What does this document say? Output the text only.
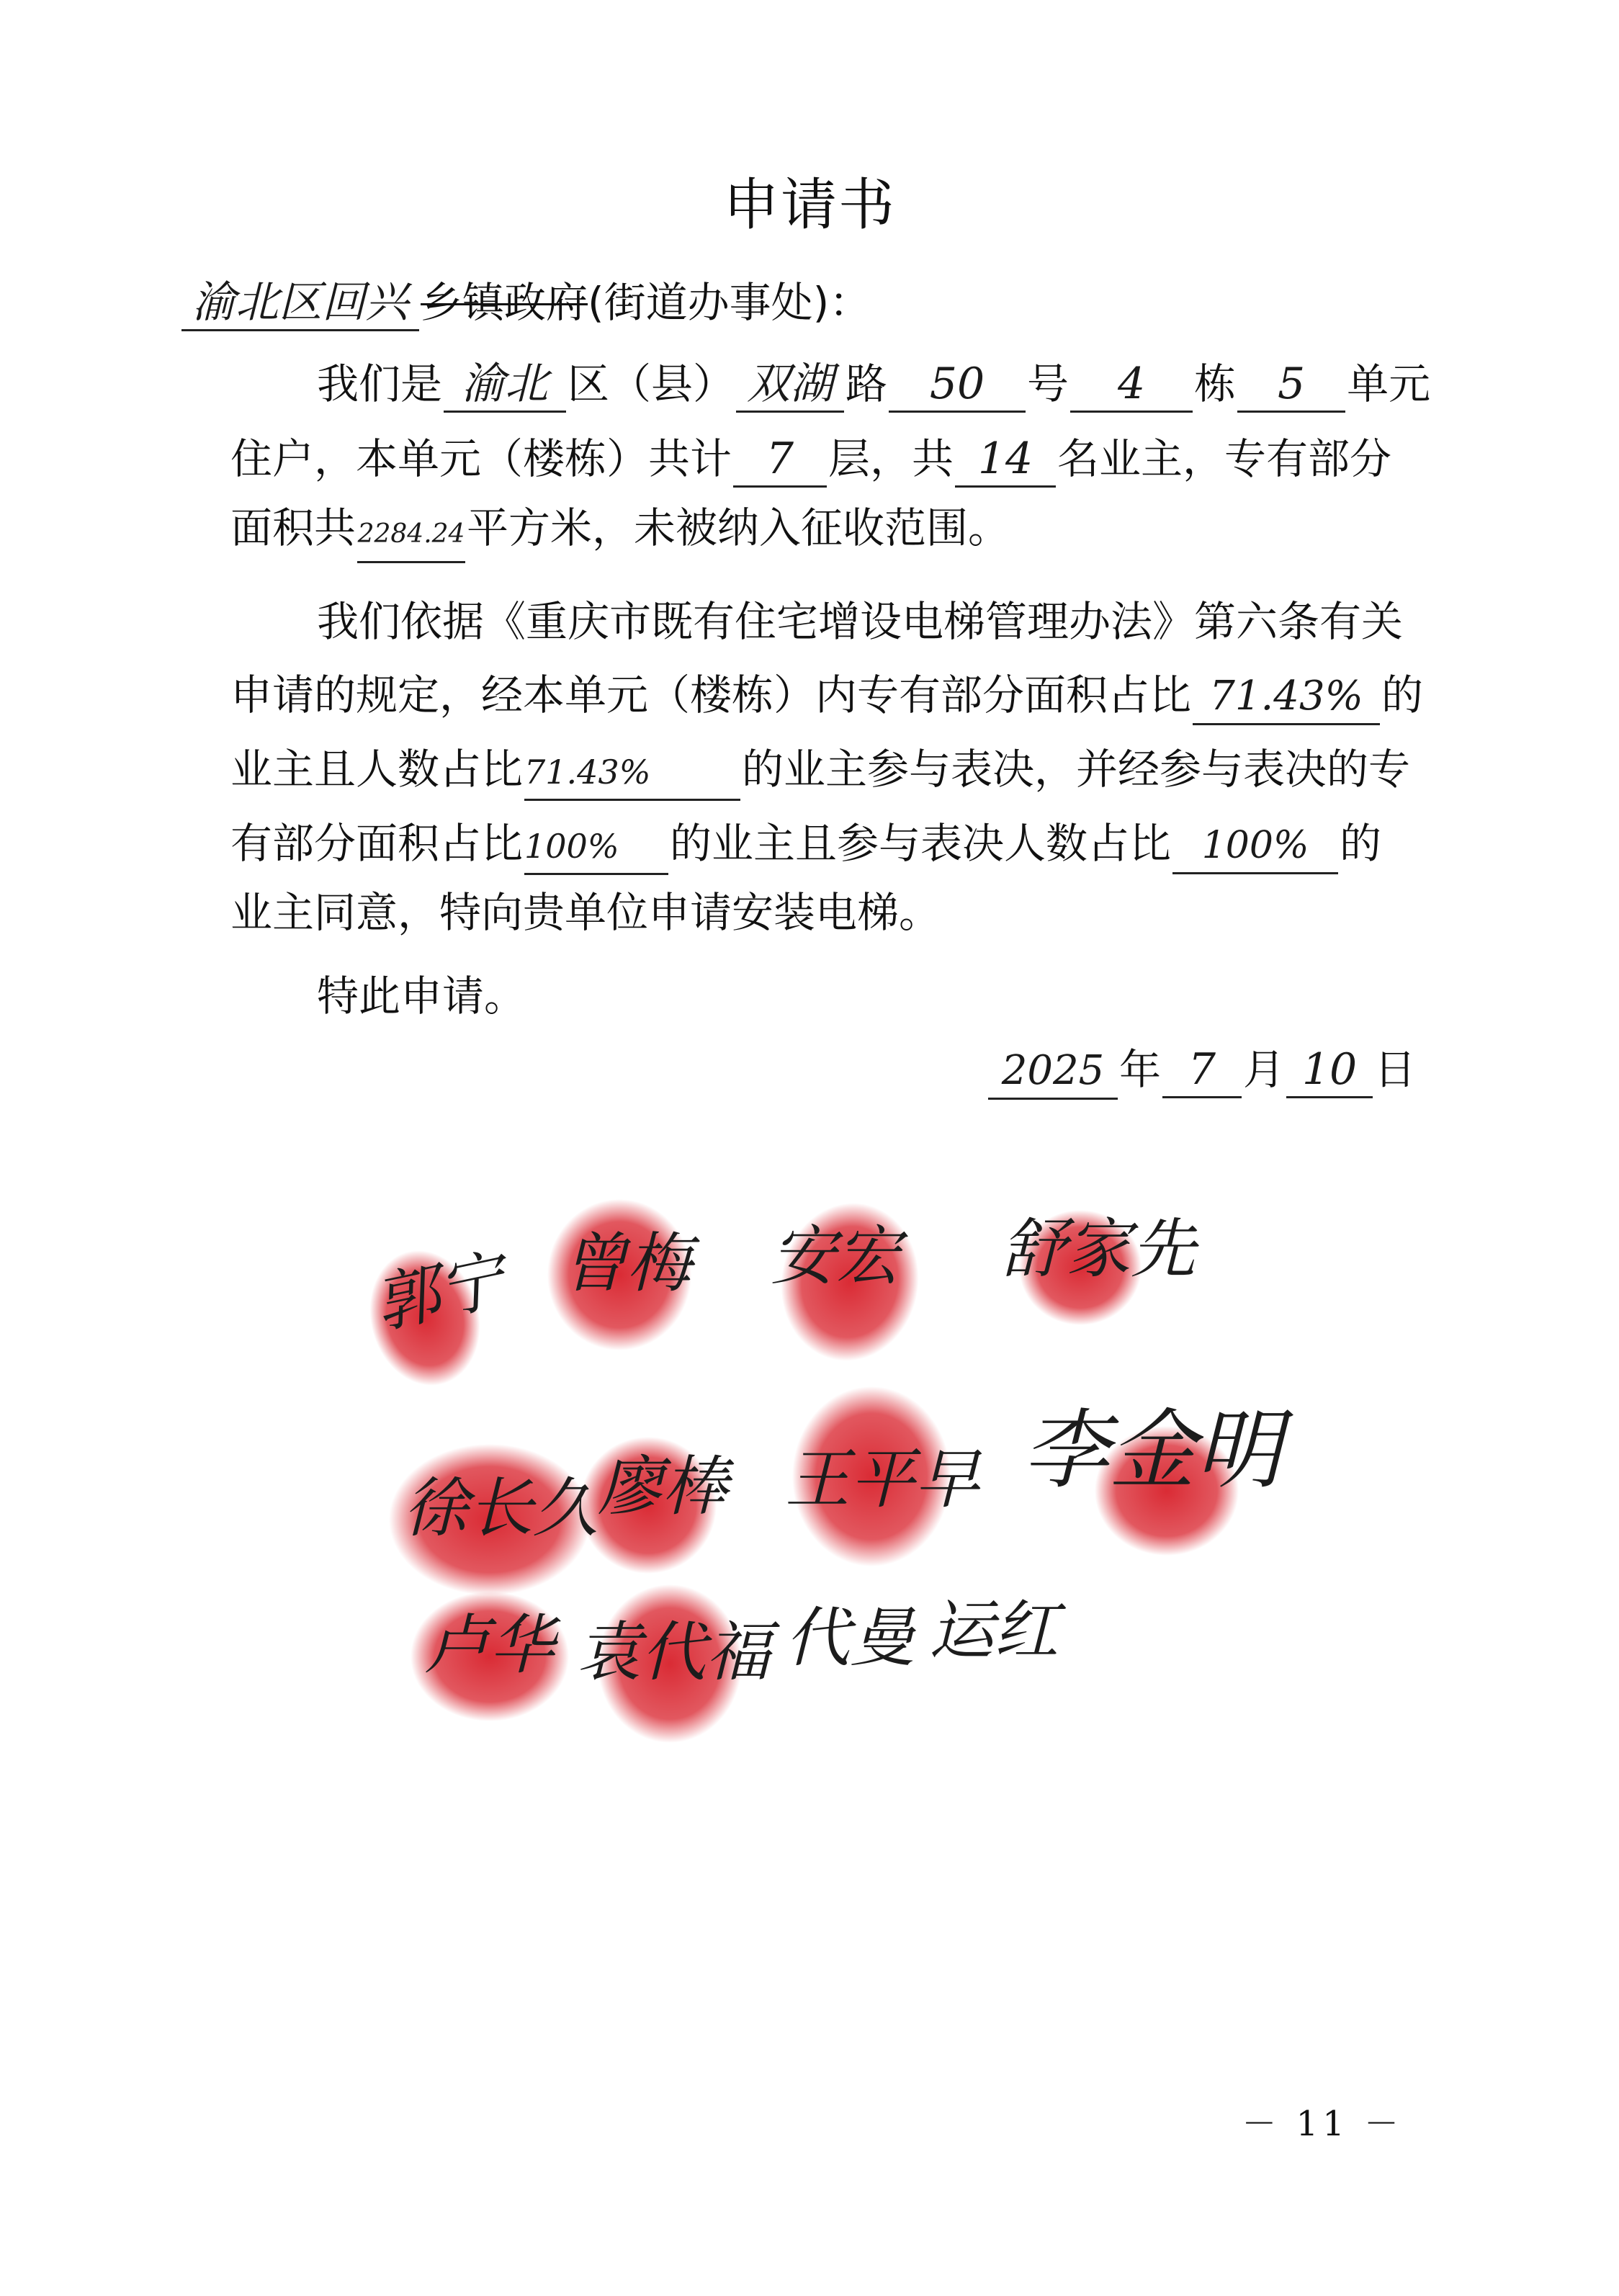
申请书
渝北区回兴 乡镇政府(街道办事处)：
我们是 渝北 区（县） 双湖 路 50 号 4 栋 5 单元
住户，本单元（楼栋）共计 7 层，共 14 名业主，专有部分
面积共2284.24平方米，未被纳入征收范围。
我们依据《重庆市既有住宅增设电梯管理办法》第六条有关
申请的规定，经本单元（楼栋）内专有部分面积占比 71.43% 的
业主且人数占比71.43% 的业主参与表决，并经参与表决的专
有部分面积占比100% 的业主且参与表决人数占比 100% 的
业主同意，特向贵单位申请安装电梯。
特此申请。
2025 年 7 月 10 日
郭宁 曾梅 安宏 舒家先
徐长久 廖棒 王平早 李金明
卢华 袁代福 代曼 运红
－ 11 －
